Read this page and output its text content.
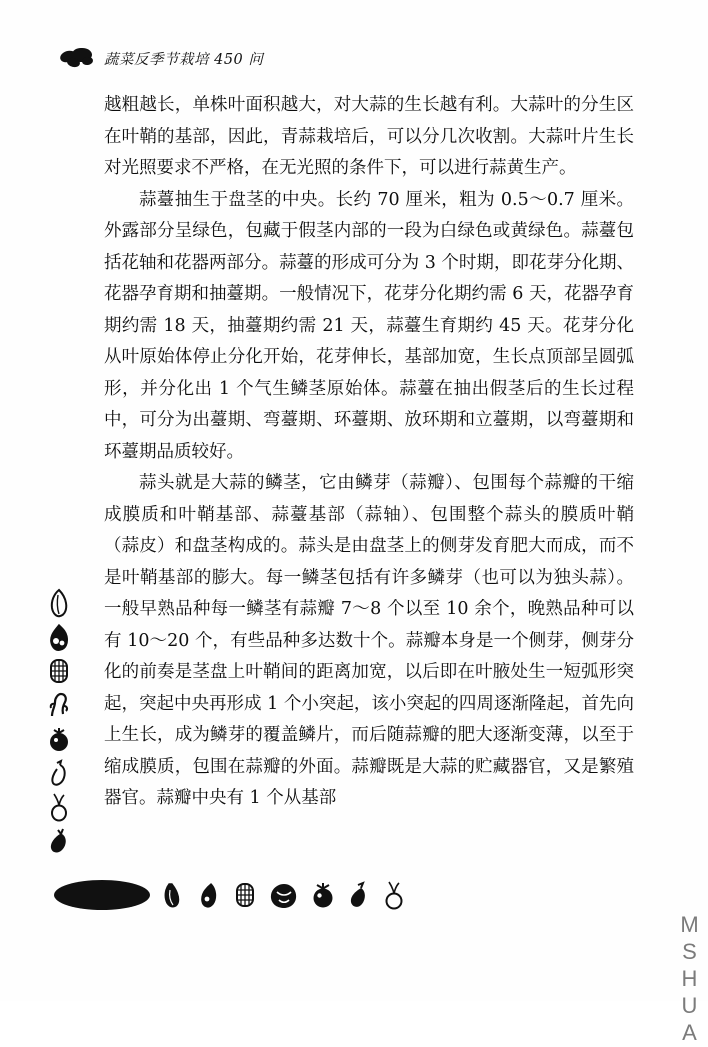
蔬菜反季节栽培 450 问

越粗越长，单株叶面积越大，对大蒜的生长越有利。大蒜叶的分生区在叶鞘的基部，因此，青蒜栽培后，可以分几次收割。大蒜叶片生长对光照要求不严格，在无光照的条件下，可以进行蒜黄生产。

蒜薹抽生于盘茎的中央。长约 70 厘米，粗为 0.5～0.7 厘米。外露部分呈绿色，包藏于假茎内部的一段为白绿色或黄绿色。蒜薹包括花轴和花器两部分。蒜薹的形成可分为 3 个时期，即花芽分化期、花器孕育期和抽薹期。一般情况下，花芽分化期约需 6 天，花器孕育期约需 18 天，抽薹期约需 21 天，蒜薹生育期约 45 天。花芽分化从叶原始体停止分化开始，花芽伸长，基部加宽，生长点顶部呈圆弧形，并分化出 1 个气生鳞茎原始体。蒜薹在抽出假茎后的生长过程中，可分为出薹期、弯薹期、环薹期、放环期和立薹期，以弯薹期和环薹期品质较好。

蒜头就是大蒜的鳞茎，它由鳞芽（蒜瓣）、包围每个蒜瓣的干缩成膜质和叶鞘基部、蒜薹基部（蒜轴）、包围整个蒜头的膜质叶鞘（蒜皮）和盘茎构成的。蒜头是由盘茎上的侧芽发育肥大而成，而不是叶鞘基部的膨大。每一鳞茎包括有许多鳞芽（也可以为独头蒜）。一般早熟品种每一鳞茎有蒜瓣 7～8 个以至 10 余个，晚熟品种可以有 10～20 个，有些品种多达数十个。蒜瓣本身是一个侧芽，侧芽分化的前奏是茎盘上叶鞘间的距离加宽，以后即在叶腋处生一短弧形突起，突起中央再形成 1 个小突起，该小突起的四周逐渐隆起，首先向上生长，成为鳞芽的覆盖鳞片，而后随蒜瓣的肥大逐渐变薄，以至于缩成膜质，包围在蒜瓣的外面。蒜瓣既是大蒜的贮藏器官，又是繁殖器官。蒜瓣中央有 1 个从基部

MSHUA
